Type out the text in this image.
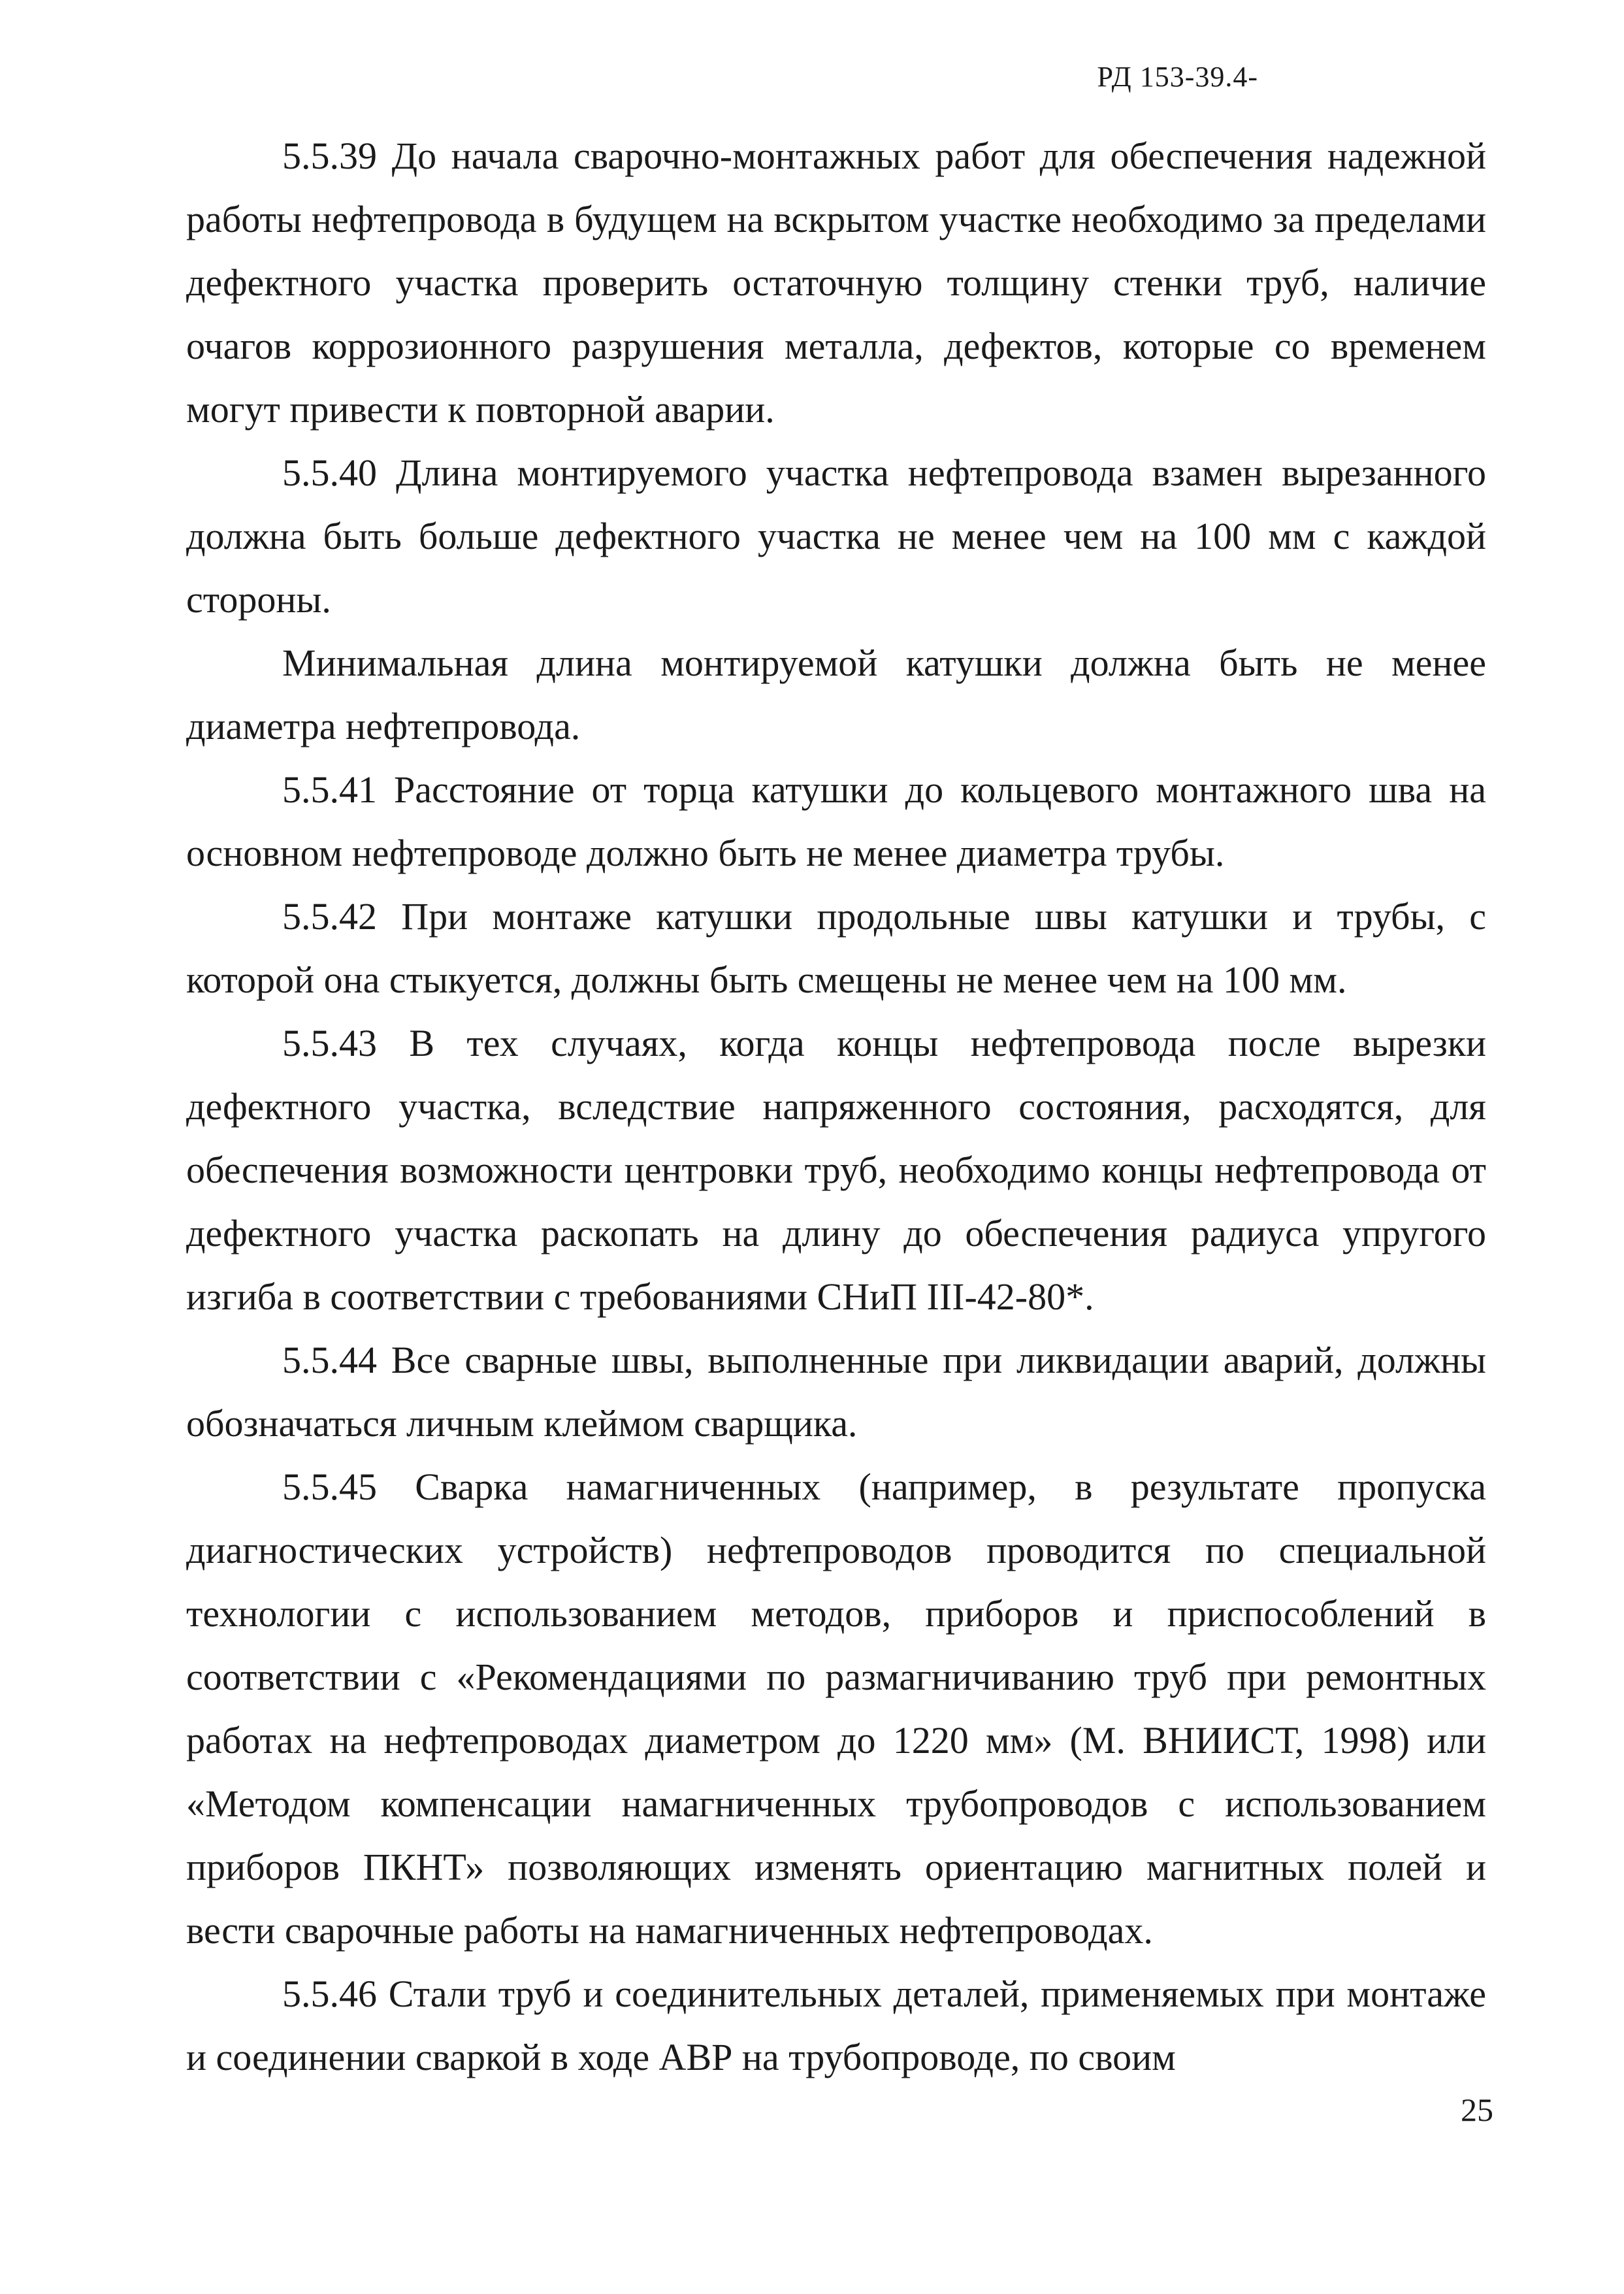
РД 153-39.4-

5.5.39 До начала сварочно-монтажных работ для обеспечения надежной работы нефтепровода в будущем на вскрытом участке необходимо за пределами дефектного участка проверить остаточную толщину стенки труб, наличие очагов коррозионного разрушения металла, дефектов, которые со временем могут привести к повторной аварии.

5.5.40 Длина монтируемого участка нефтепровода взамен вырезанного должна быть больше дефектного участка не менее чем на 100 мм с каждой стороны.

Минимальная длина монтируемой катушки должна быть не менее диаметра нефтепровода.

5.5.41 Расстояние от торца катушки до кольцевого монтажного шва на основном нефтепроводе должно быть не менее диаметра трубы.

5.5.42 При монтаже катушки продольные швы катушки и трубы, с которой она стыкуется, должны быть смещены не менее чем на 100 мм.

5.5.43 В тех случаях, когда концы нефтепровода после вырезки дефектного участка, вследствие напряженного состояния, расходятся, для обеспечения возможности центровки труб, необходимо концы нефтепровода от дефектного участка раскопать на длину до обеспечения радиуса упругого изгиба в соответствии с требованиями СНиП III-42-80*.

5.5.44 Все сварные швы, выполненные при ликвидации аварий, должны обозначаться личным клеймом сварщика.

5.5.45 Сварка намагниченных (например, в результате пропуска диагностических устройств) нефтепроводов проводится по специальной технологии с использованием методов, приборов и приспособлений в соответствии с «Рекомендациями по размагничиванию труб при ремонтных работах на нефтепроводах диаметром до 1220 мм» (М. ВНИИСТ, 1998) или «Методом компенсации намагниченных трубопроводов с использованием приборов ПКНТ» позволяющих изменять ориентацию магнитных полей и вести сварочные работы на намагниченных нефтепроводах.

5.5.46 Стали труб и соединительных деталей, применяемых при монтаже и соединении сваркой в ходе АВР на трубопроводе, по своим

25
